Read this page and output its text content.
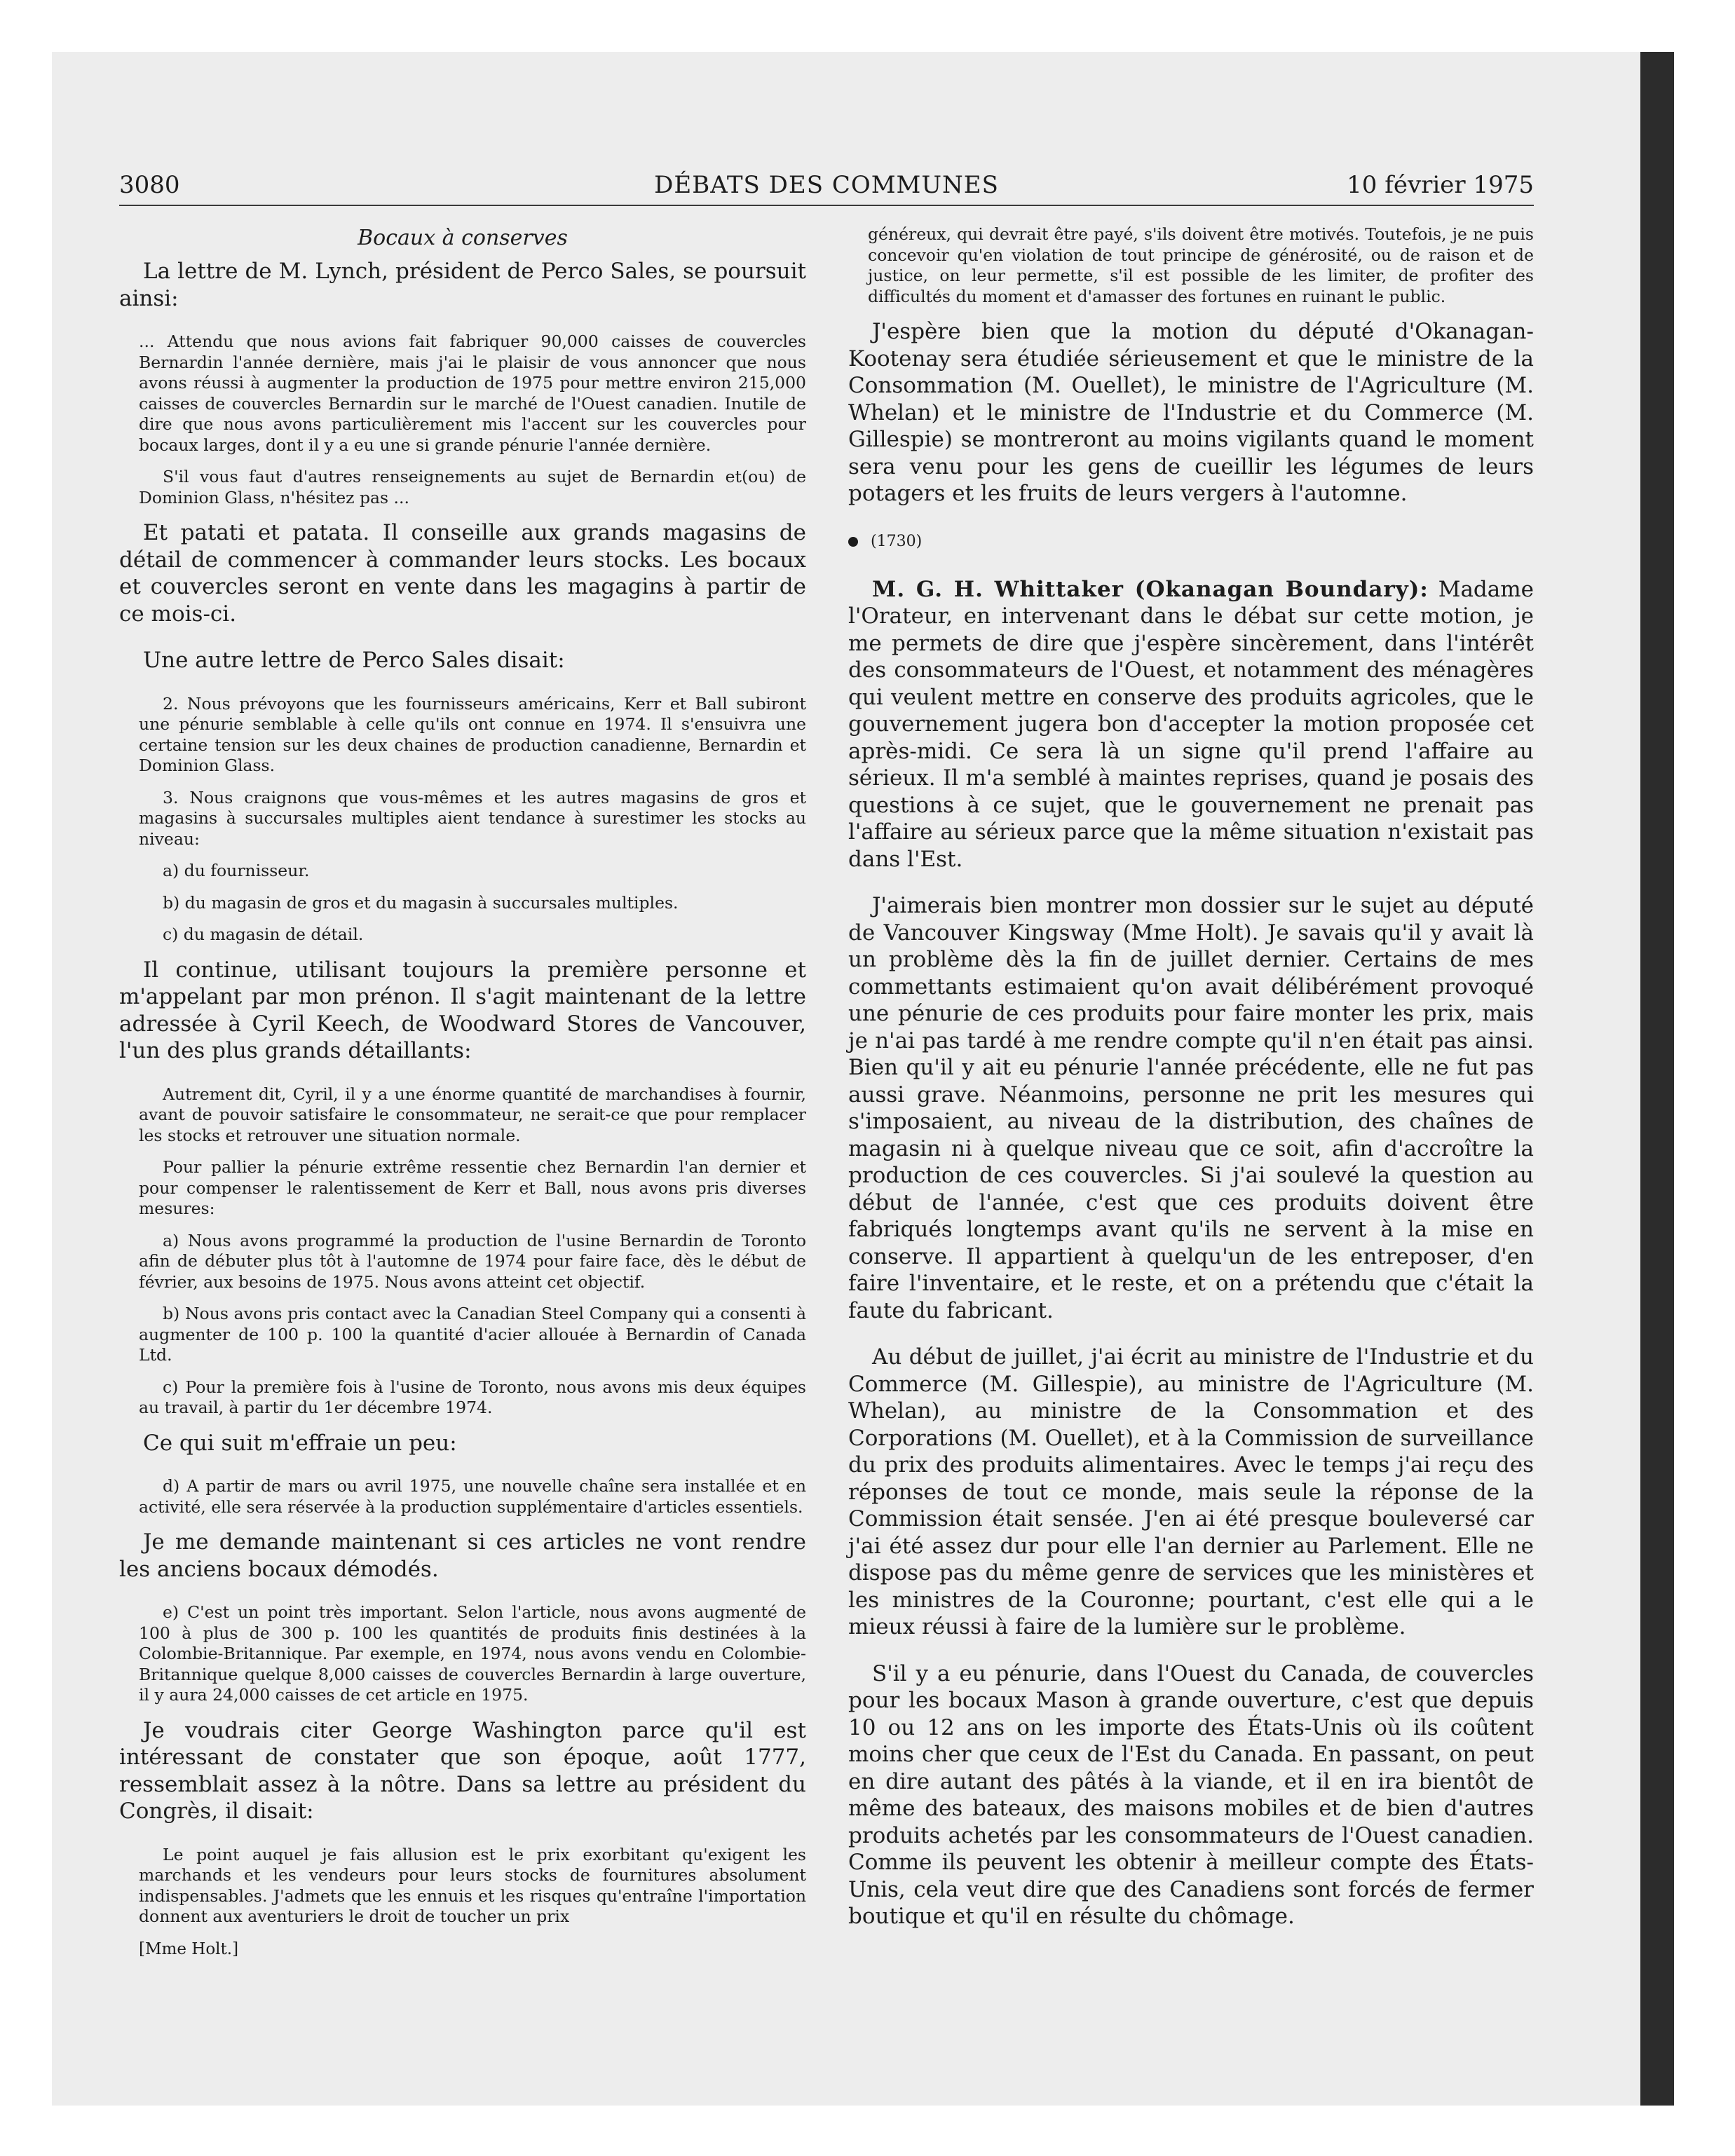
3080	DÉBATS DES COMMUNES	10 février 1975

Bocaux à conserves

La lettre de M. Lynch, président de Perco Sales, se poursuit ainsi:

... Attendu que nous avions fait fabriquer 90,000 caisses de couvercles Bernardin l'année dernière, mais j'ai le plaisir de vous annoncer que nous avons réussi à augmenter la production de 1975 pour mettre environ 215,000 caisses de couvercles Bernardin sur le marché de l'Ouest canadien. Inutile de dire que nous avons particulièrement mis l'accent sur les couvercles pour bocaux larges, dont il y a eu une si grande pénurie l'année dernière.

S'il vous faut d'autres renseignements au sujet de Bernardin et(ou) de Dominion Glass, n'hésitez pas ...

Et patati et patata. Il conseille aux grands magasins de détail de commencer à commander leurs stocks. Les bocaux et couvercles seront en vente dans les magagins à partir de ce mois-ci.

Une autre lettre de Perco Sales disait:

2. Nous prévoyons que les fournisseurs américains, Kerr et Ball subiront une pénurie semblable à celle qu'ils ont connue en 1974. Il s'ensuivra une certaine tension sur les deux chaines de production canadienne, Bernardin et Dominion Glass.

3. Nous craignons que vous-mêmes et les autres magasins de gros et magasins à succursales multiples aient tendance à surestimer les stocks au niveau:

a) du fournisseur.

b) du magasin de gros et du magasin à succursales multiples.

c) du magasin de détail.

Il continue, utilisant toujours la première personne et m'appelant par mon prénon. Il s'agit maintenant de la lettre adressée à Cyril Keech, de Woodward Stores de Vancouver, l'un des plus grands détaillants:

Autrement dit, Cyril, il y a une énorme quantité de marchandises à fournir, avant de pouvoir satisfaire le consommateur, ne serait-ce que pour remplacer les stocks et retrouver une situation normale.

Pour pallier la pénurie extrême ressentie chez Bernardin l'an dernier et pour compenser le ralentissement de Kerr et Ball, nous avons pris diverses mesures:

a) Nous avons programmé la production de l'usine Bernardin de Toronto afin de débuter plus tôt à l'automne de 1974 pour faire face, dès le début de février, aux besoins de 1975. Nous avons atteint cet objectif.

b) Nous avons pris contact avec la Canadian Steel Company qui a consenti à augmenter de 100 p. 100 la quantité d'acier allouée à Bernardin of Canada Ltd.

c) Pour la première fois à l'usine de Toronto, nous avons mis deux équipes au travail, à partir du 1er décembre 1974.

Ce qui suit m'effraie un peu:

d) A partir de mars ou avril 1975, une nouvelle chaîne sera installée et en activité, elle sera réservée à la production supplémentaire d'articles essentiels.

Je me demande maintenant si ces articles ne vont rendre les anciens bocaux démodés.

e) C'est un point très important. Selon l'article, nous avons augmenté de 100 à plus de 300 p. 100 les quantités de produits finis destinées à la Colombie-Britannique. Par exemple, en 1974, nous avons vendu en Colombie-Britannique quelque 8,000 caisses de couvercles Bernardin à large ouverture, il y aura 24,000 caisses de cet article en 1975.

Je voudrais citer George Washington parce qu'il est intéressant de constater que son époque, août 1777, ressemblait assez à la nôtre. Dans sa lettre au président du Congrès, il disait:

Le point auquel je fais allusion est le prix exorbitant qu'exigent les marchands et les vendeurs pour leurs stocks de fournitures absolument indispensables. J'admets que les ennuis et les risques qu'entraîne l'importation donnent aux aventuriers le droit de toucher un prix

[Mme Holt.]

généreux, qui devrait être payé, s'ils doivent être motivés. Toutefois, je ne puis concevoir qu'en violation de tout principe de générosité, ou de raison et de justice, on leur permette, s'il est possible de les limiter, de profiter des difficultés du moment et d'amasser des fortunes en ruinant le public.

J'espère bien que la motion du député d'Okanagan-Kootenay sera étudiée sérieusement et que le ministre de la Consommation (M. Ouellet), le ministre de l'Agriculture (M. Whelan) et le ministre de l'Industrie et du Commerce (M. Gillespie) se montreront au moins vigilants quand le moment sera venu pour les gens de cueillir les légumes de leurs potagers et les fruits de leurs vergers à l'automne.

(1730)

M. G. H. Whittaker (Okanagan Boundary): Madame l'Orateur, en intervenant dans le débat sur cette motion, je me permets de dire que j'espère sincèrement, dans l'intérêt des consommateurs de l'Ouest, et notamment des ménagères qui veulent mettre en conserve des produits agricoles, que le gouvernement jugera bon d'accepter la motion proposée cet après-midi. Ce sera là un signe qu'il prend l'affaire au sérieux. Il m'a semblé à maintes reprises, quand je posais des questions à ce sujet, que le gouvernement ne prenait pas l'affaire au sérieux parce que la même situation n'existait pas dans l'Est.

J'aimerais bien montrer mon dossier sur le sujet au député de Vancouver Kingsway (Mme Holt). Je savais qu'il y avait là un problème dès la fin de juillet dernier. Certains de mes commettants estimaient qu'on avait délibérément provoqué une pénurie de ces produits pour faire monter les prix, mais je n'ai pas tardé à me rendre compte qu'il n'en était pas ainsi. Bien qu'il y ait eu pénurie l'année précédente, elle ne fut pas aussi grave. Néanmoins, personne ne prit les mesures qui s'imposaient, au niveau de la distribution, des chaînes de magasin ni à quelque niveau que ce soit, afin d'accroître la production de ces couvercles. Si j'ai soulevé la question au début de l'année, c'est que ces produits doivent être fabriqués longtemps avant qu'ils ne servent à la mise en conserve. Il appartient à quelqu'un de les entreposer, d'en faire l'inventaire, et le reste, et on a prétendu que c'était la faute du fabricant.

Au début de juillet, j'ai écrit au ministre de l'Industrie et du Commerce (M. Gillespie), au ministre de l'Agriculture (M. Whelan), au ministre de la Consommation et des Corporations (M. Ouellet), et à la Commission de surveillance du prix des produits alimentaires. Avec le temps j'ai reçu des réponses de tout ce monde, mais seule la réponse de la Commission était sensée. J'en ai été presque bouleversé car j'ai été assez dur pour elle l'an dernier au Parlement. Elle ne dispose pas du même genre de services que les ministères et les ministres de la Couronne; pourtant, c'est elle qui a le mieux réussi à faire de la lumière sur le problème.

S'il y a eu pénurie, dans l'Ouest du Canada, de couvercles pour les bocaux Mason à grande ouverture, c'est que depuis 10 ou 12 ans on les importe des États-Unis où ils coûtent moins cher que ceux de l'Est du Canada. En passant, on peut en dire autant des pâtés à la viande, et il en ira bientôt de même des bateaux, des maisons mobiles et de bien d'autres produits achetés par les consommateurs de l'Ouest canadien. Comme ils peuvent les obtenir à meilleur compte des États-Unis, cela veut dire que des Canadiens sont forcés de fermer boutique et qu'il en résulte du chômage.
